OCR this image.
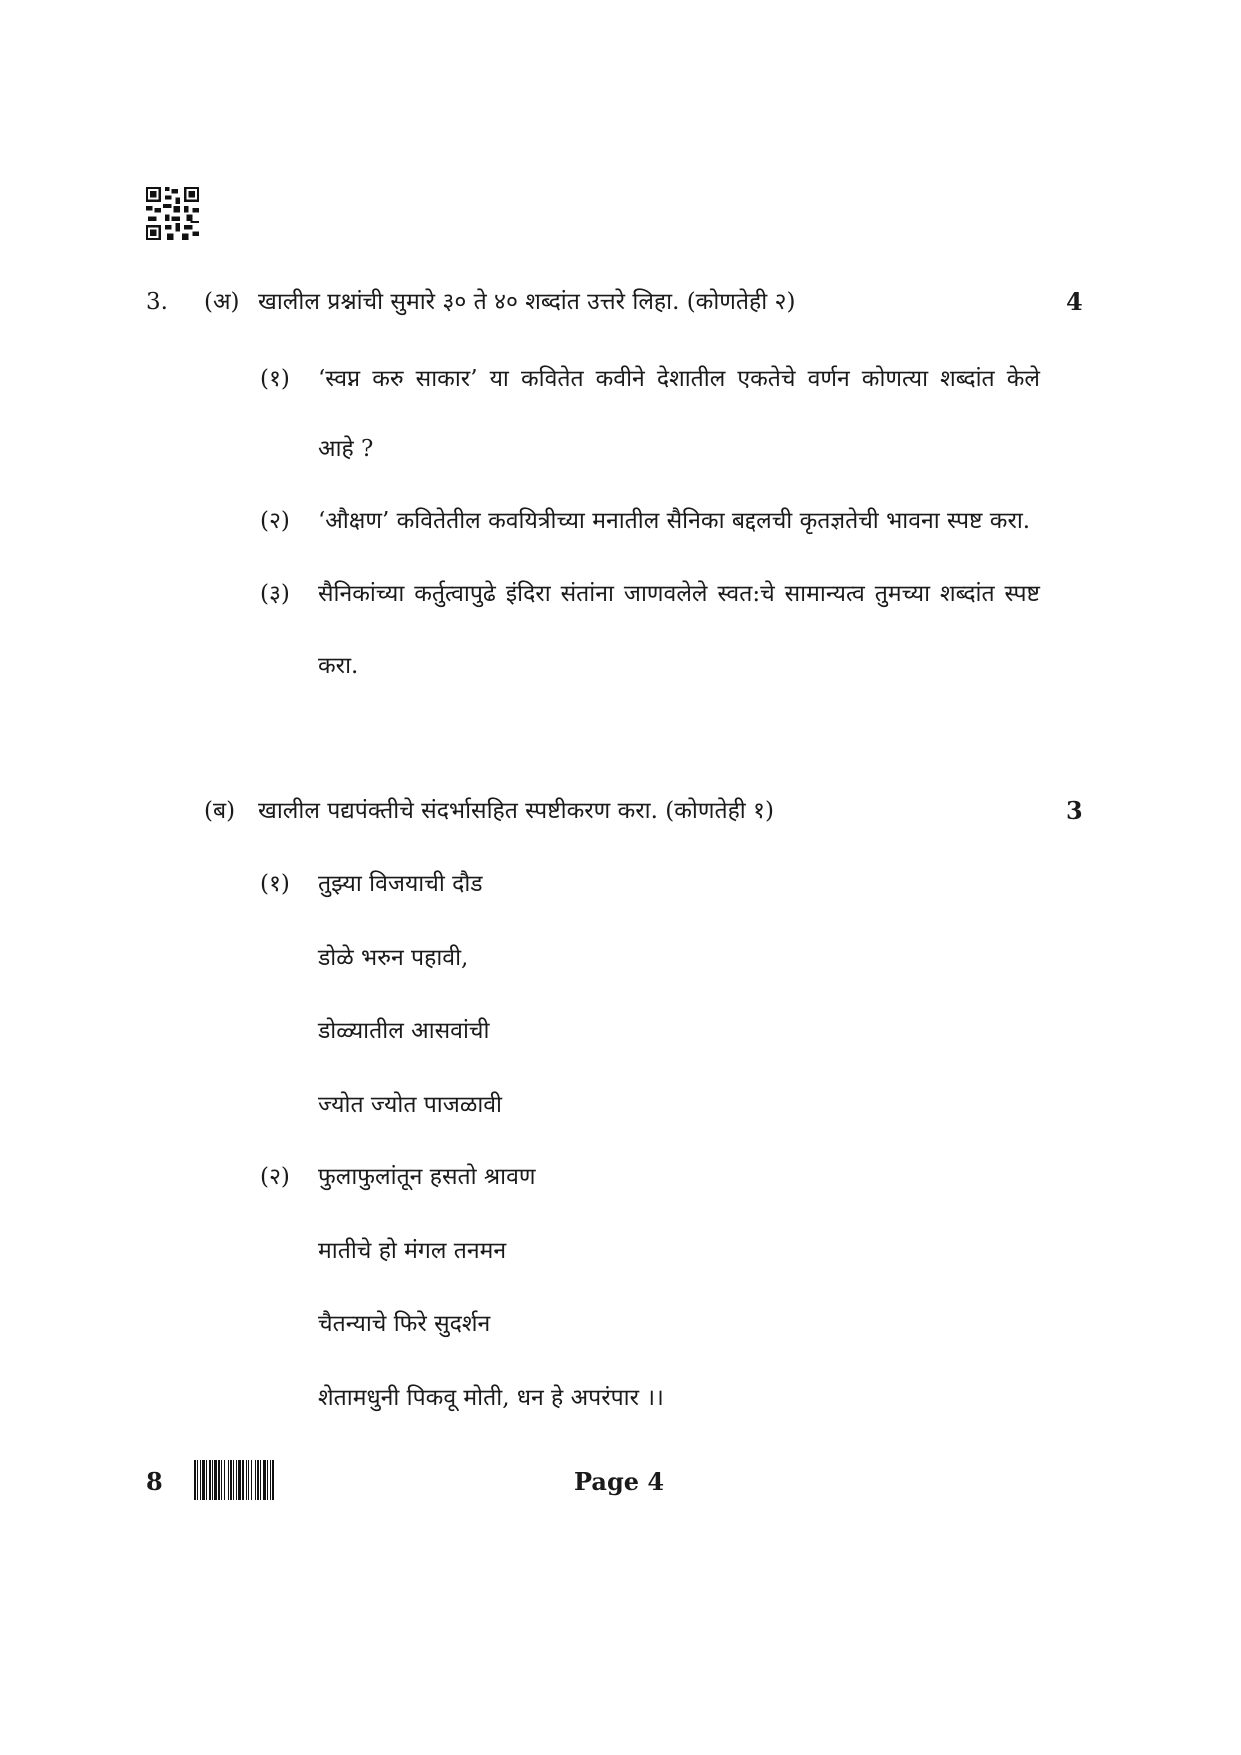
3. (अ) खालील प्रश्नांची सुमारे ३० ते ४० शब्दांत उत्तरे लिहा. (कोणतेही २)	4
(१) ‘स्वप्न करु साकार’ या कवितेत कवीने देशातील एकतेचे वर्णन कोणत्या शब्दांत केले
आहे ?
(२) ‘औक्षण’ कवितेतील कवयित्रीच्या मनातील सैनिका बद्दलची कृतज्ञतेची भावना स्पष्ट करा.
(३) सैनिकांच्या कर्तुत्वापुढे इंदिरा संतांना जाणवलेले स्वत:चे सामान्यत्व तुमच्या शब्दांत स्पष्ट
करा.
(ब) खालील पद्यपंक्तीचे संदर्भासहित स्पष्टीकरण करा. (कोणतेही १)	3
(१) तुझ्या विजयाची दौड
डोळे भरुन पहावी,
डोळ्यातील आसवांची
ज्योत ज्योत पाजळावी
(२) फुलाफुलांतून हसतो श्रावण
मातीचे हो मंगल तनमन
चैतन्याचे फिरे सुदर्शन
शेतामधुनी पिकवू मोती, धन हे अपरंपार ।।
8	Page 4
